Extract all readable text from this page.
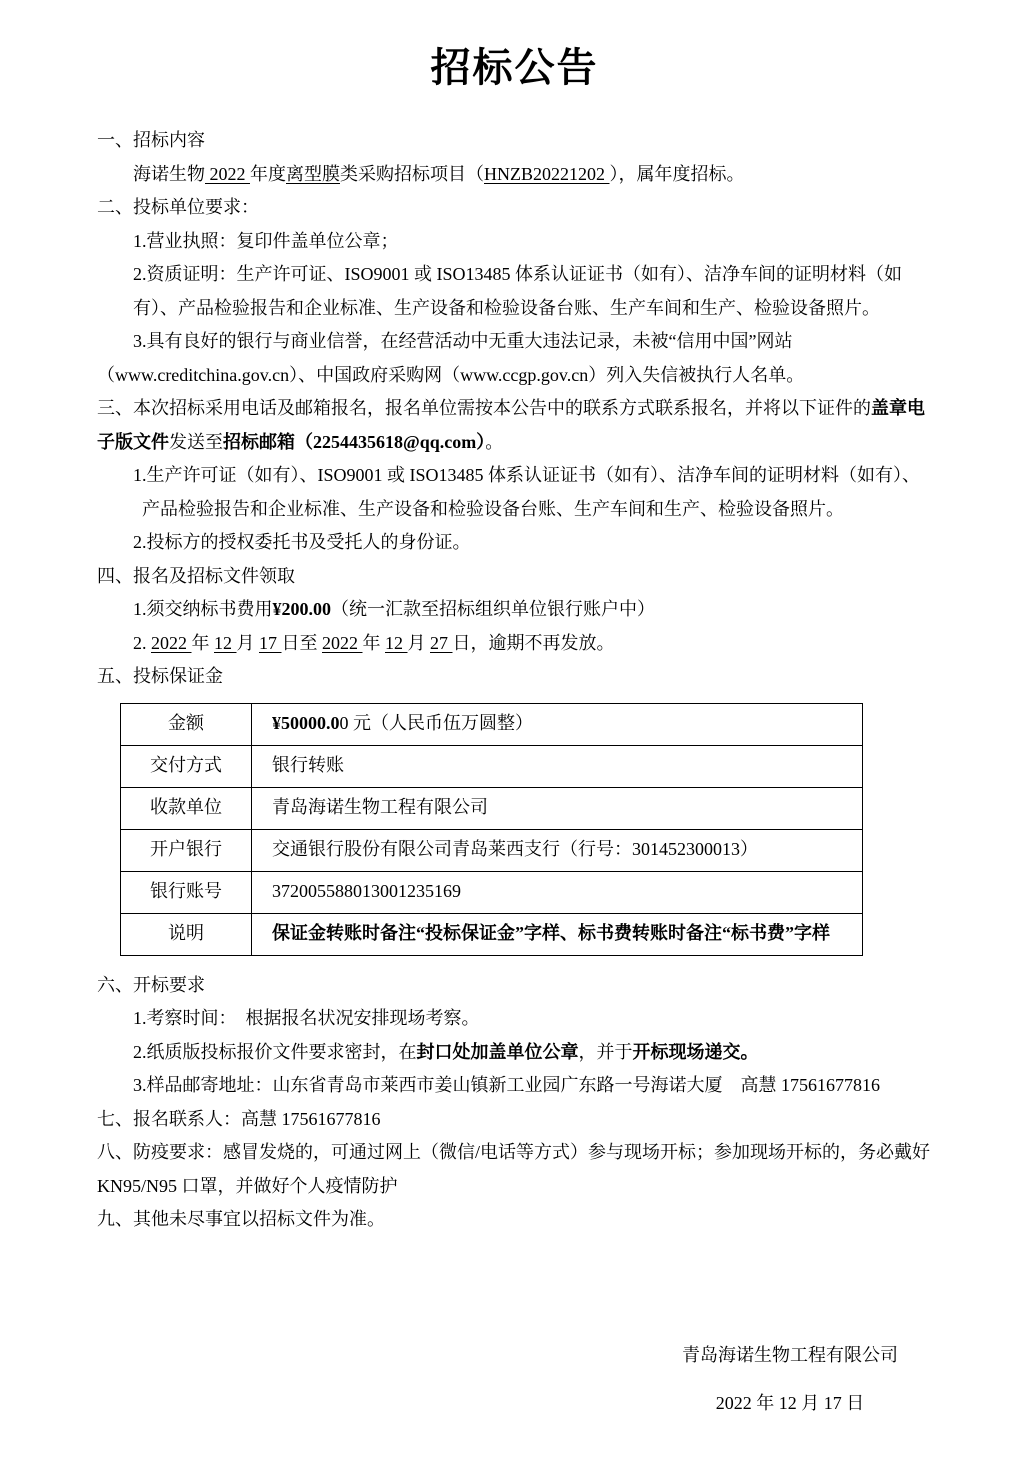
招标公告

一、招标内容

海诺生物 2022 年度离型膜类采购招标项目（HNZB20221202 ），属年度招标。

二、投标单位要求：

1.营业执照：复印件盖单位公章；

2.资质证明：生产许可证、ISO9001 或 ISO13485 体系认证证书（如有）、洁净车间的证明材料（如有）、产品检验报告和企业标准、生产设备和检验设备台账、生产车间和生产、检验设备照片。

3.具有良好的银行与商业信誉，在经营活动中无重大违法记录，未被“信用中国”网站（www.creditchina.gov.cn）、中国政府采购网（www.ccgp.gov.cn）列入失信被执行人名单。

三、本次招标采用电话及邮箱报名，报名单位需按本公告中的联系方式联系报名，并将以下证件的盖章电子版文件发送至招标邮箱（2254435618@qq.com）。

1.生产许可证（如有）、ISO9001 或 ISO13485 体系认证证书（如有）、洁净车间的证明材料（如有）、产品检验报告和企业标准、生产设备和检验设备台账、生产车间和生产、检验设备照片。

2.投标方的授权委托书及受托人的身份证。

四、报名及招标文件领取

1.须交纳标书费用¥200.00（统一汇款至招标组织单位银行账户中）

2. 2022 年 12 月 17 日至 2022 年 12 月 27 日，逾期不再发放。

五、投标保证金

金额	¥50000.00 元（人民币伍万圆整）
交付方式	银行转账
收款单位	青岛海诺生物工程有限公司
开户银行	交通银行股份有限公司青岛莱西支行（行号：301452300013）
银行账号	372005588013001235169
说明	保证金转账时备注“投标保证金”字样、标书费转账时备注“标书费”字样

六、开标要求

1.考察时间：　根据报名状况安排现场考察。

2.纸质版投标报价文件要求密封，在封口处加盖单位公章，并于开标现场递交。

3.样品邮寄地址：山东省青岛市莱西市姜山镇新工业园广东路一号海诺大厦　高慧 17561677816

七、报名联系人：高慧 17561677816

八、防疫要求：感冒发烧的，可通过网上（微信/电话等方式）参与现场开标；参加现场开标的，务必戴好 KN95/N95 口罩，并做好个人疫情防护

九、其他未尽事宜以招标文件为准。

青岛海诺生物工程有限公司

2022 年 12 月 17 日
